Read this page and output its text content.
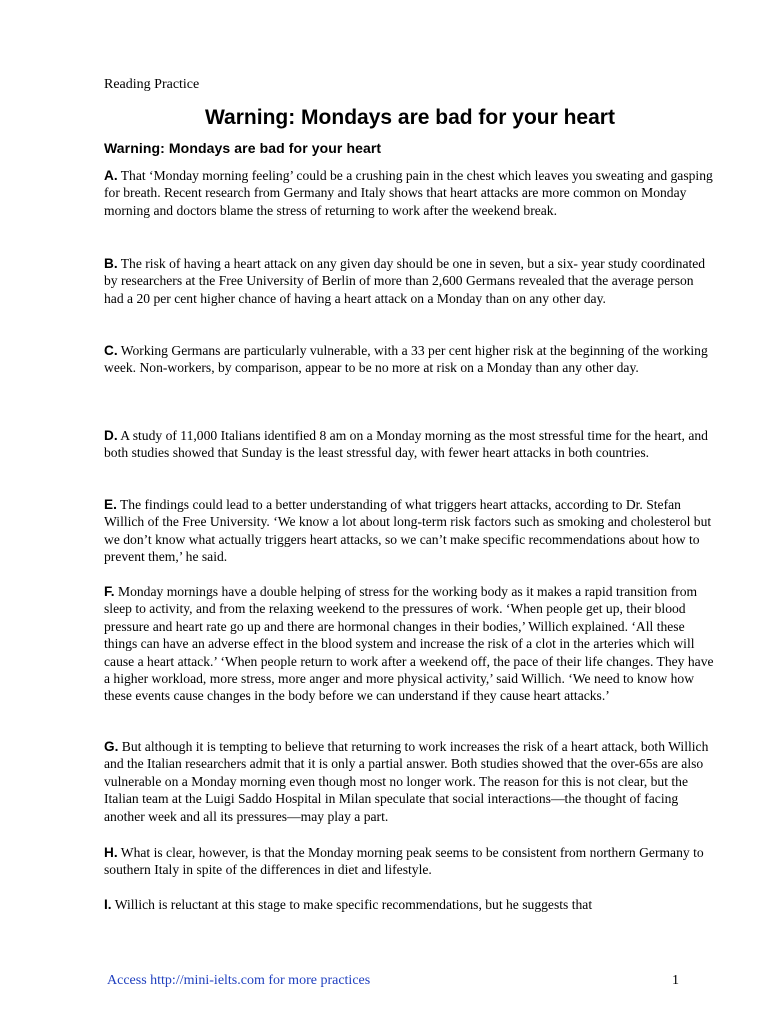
Reading Practice
Warning: Mondays are bad for your heart
Warning: Mondays are bad for your heart
A. That ‘Monday morning feeling’ could be a crushing pain in the chest which leaves you sweating and gasping for breath. Recent research from Germany and Italy shows that heart attacks are more common on Monday morning and doctors blame the stress of returning to work after the weekend break.
B. The risk of having a heart attack on any given day should be one in seven, but a six- year study coordinated by researchers at the Free University of Berlin of more than 2,600 Germans revealed that the average person had a 20 per cent higher chance of having a heart attack on a Monday than on any other day.
C. Working Germans are particularly vulnerable, with a 33 per cent higher risk at the beginning of the working week. Non-workers, by comparison, appear to be no more at risk on a Monday than any other day.
D. A study of 11,000 Italians identified 8 am on a Monday morning as the most stressful time for the heart, and both studies showed that Sunday is the least stressful day, with fewer heart attacks in both countries.
E. The findings could lead to a better understanding of what triggers heart attacks, according to Dr. Stefan Willich of the Free University. ‘We know a lot about long-term risk factors such as smoking and cholesterol but we don’t know what actually triggers heart attacks, so we can’t make specific recommendations about how to prevent them,’ he said.
F. Monday mornings have a double helping of stress for the working body as it makes a rapid transition from sleep to activity, and from the relaxing weekend to the pressures of work. ‘When people get up, their blood pressure and heart rate go up and there are hormonal changes in their bodies,’ Willich explained. ‘All these things can have an adverse effect in the blood system and increase the risk of a clot in the arteries which will cause a heart attack.’ ‘When people return to work after a weekend off, the pace of their life changes. They have a higher workload, more stress, more anger and more physical activity,’ said Willich. ‘We need to know how these events cause changes in the body before we can understand if they cause heart attacks.’
G. But although it is tempting to believe that returning to work increases the risk of a heart attack, both Willich and the Italian researchers admit that it is only a partial answer. Both studies showed that the over-65s are also vulnerable on a Monday morning even though most no longer work. The reason for this is not clear, but the Italian team at the Luigi Saddo Hospital in Milan speculate that social interactions—the thought of facing another week and all its pressures—may play a part.
H. What is clear, however, is that the Monday morning peak seems to be consistent from northern Germany to southern Italy in spite of the differences in diet and lifestyle.
I. Willich is reluctant at this stage to make specific recommendations, but he suggests that
Access http://mini-ielts.com for more practices	1
